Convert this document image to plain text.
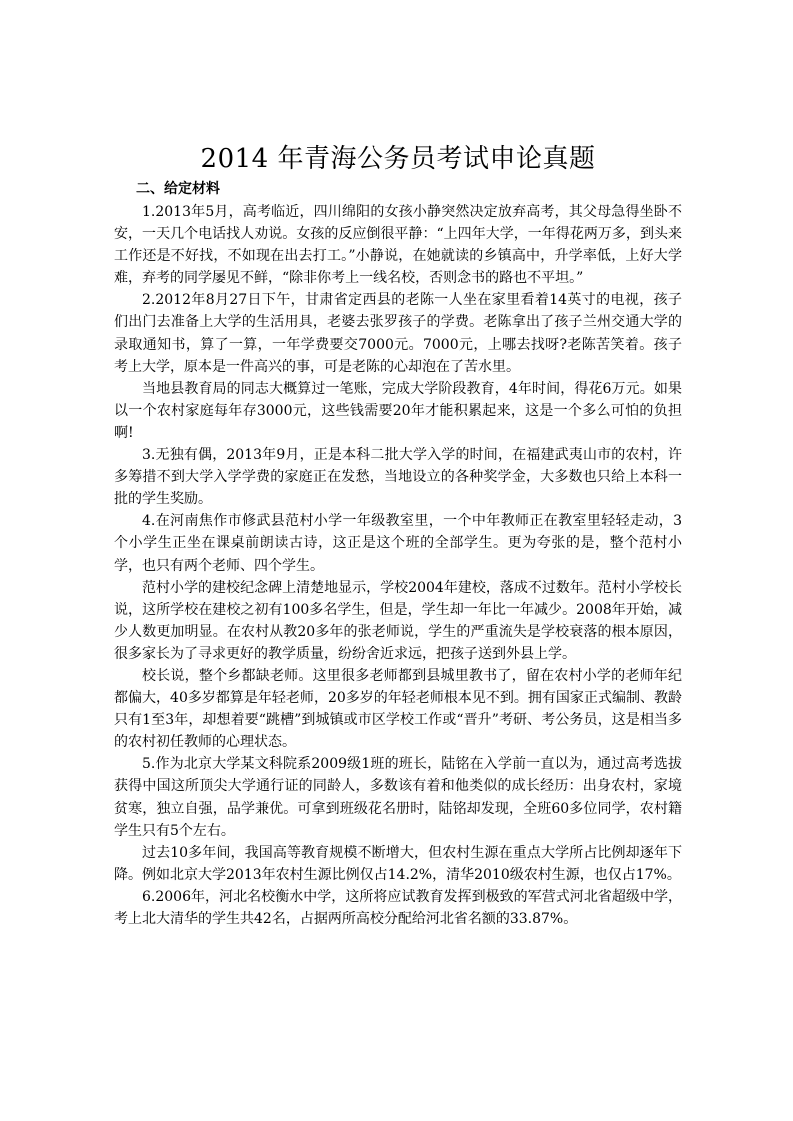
2014 年青海公务员考试申论真题
二、给定材料

1.2013年5月，高考临近，四川绵阳的女孩小静突然决定放弃高考，其父母急得坐卧不安，一天几个电话找人劝说。女孩的反应倒很平静：“上四年大学，一年得花两万多，到头来工作还是不好找，不如现在出去打工。”小静说，在她就读的乡镇高中，升学率低，上好大学难，弃考的同学屡见不鲜，“除非你考上一线名校，否则念书的路也不平坦。”

2.2012年8月27日下午，甘肃省定西县的老陈一人坐在家里看着14英寸的电视，孩子们出门去准备上大学的生活用具，老婆去张罗孩子的学费。老陈拿出了孩子兰州交通大学的录取通知书，算了一算，一年学费要交7000元。7000元，上哪去找呀?老陈苦笑着。孩子考上大学，原本是一件高兴的事，可是老陈的心却泡在了苦水里。

当地县教育局的同志大概算过一笔账，完成大学阶段教育，4年时间，得花6万元。如果以一个农村家庭每年存3000元，这些钱需要20年才能积累起来，这是一个多么可怕的负担啊!

3.无独有偶，2013年9月，正是本科二批大学入学的时间，在福建武夷山市的农村，许多筹措不到大学入学学费的家庭正在发愁，当地设立的各种奖学金，大多数也只给上本科一批的学生奖励。

4.在河南焦作市修武县范村小学一年级教室里，一个中年教师正在教室里轻轻走动，3个小学生正坐在课桌前朗读古诗，这正是这个班的全部学生。更为夸张的是，整个范村小学，也只有两个老师、四个学生。

范村小学的建校纪念碑上清楚地显示，学校2004年建校，落成不过数年。范村小学校长说，这所学校在建校之初有100多名学生，但是，学生却一年比一年减少。2008年开始，减少人数更加明显。在农村从教20多年的张老师说，学生的严重流失是学校衰落的根本原因，很多家长为了寻求更好的教学质量，纷纷舍近求远，把孩子送到外县上学。

校长说，整个乡都缺老师。这里很多老师都到县城里教书了，留在农村小学的老师年纪都偏大，40多岁都算是年轻老师，20多岁的年轻老师根本见不到。拥有国家正式编制、教龄只有1至3年，却想着要“跳槽”到城镇或市区学校工作或“晋升”考研、考公务员，这是相当多的农村初任教师的心理状态。

5.作为北京大学某文科院系2009级1班的班长，陆铭在入学前一直以为，通过高考选拔获得中国这所顶尖大学通行证的同龄人，多数该有着和他类似的成长经历：出身农村，家境贫寒，独立自强，品学兼优。可拿到班级花名册时，陆铭却发现，全班60多位同学，农村籍学生只有5个左右。

过去10多年间，我国高等教育规模不断增大，但农村生源在重点大学所占比例却逐年下降。例如北京大学2013年农村生源比例仅占14.2%，清华2010级农村生源，也仅占17%。

6.2006年，河北名校衡水中学，这所将应试教育发挥到极致的军营式河北省超级中学，考上北大清华的学生共42名，占据两所高校分配给河北省名额的33.87%。
